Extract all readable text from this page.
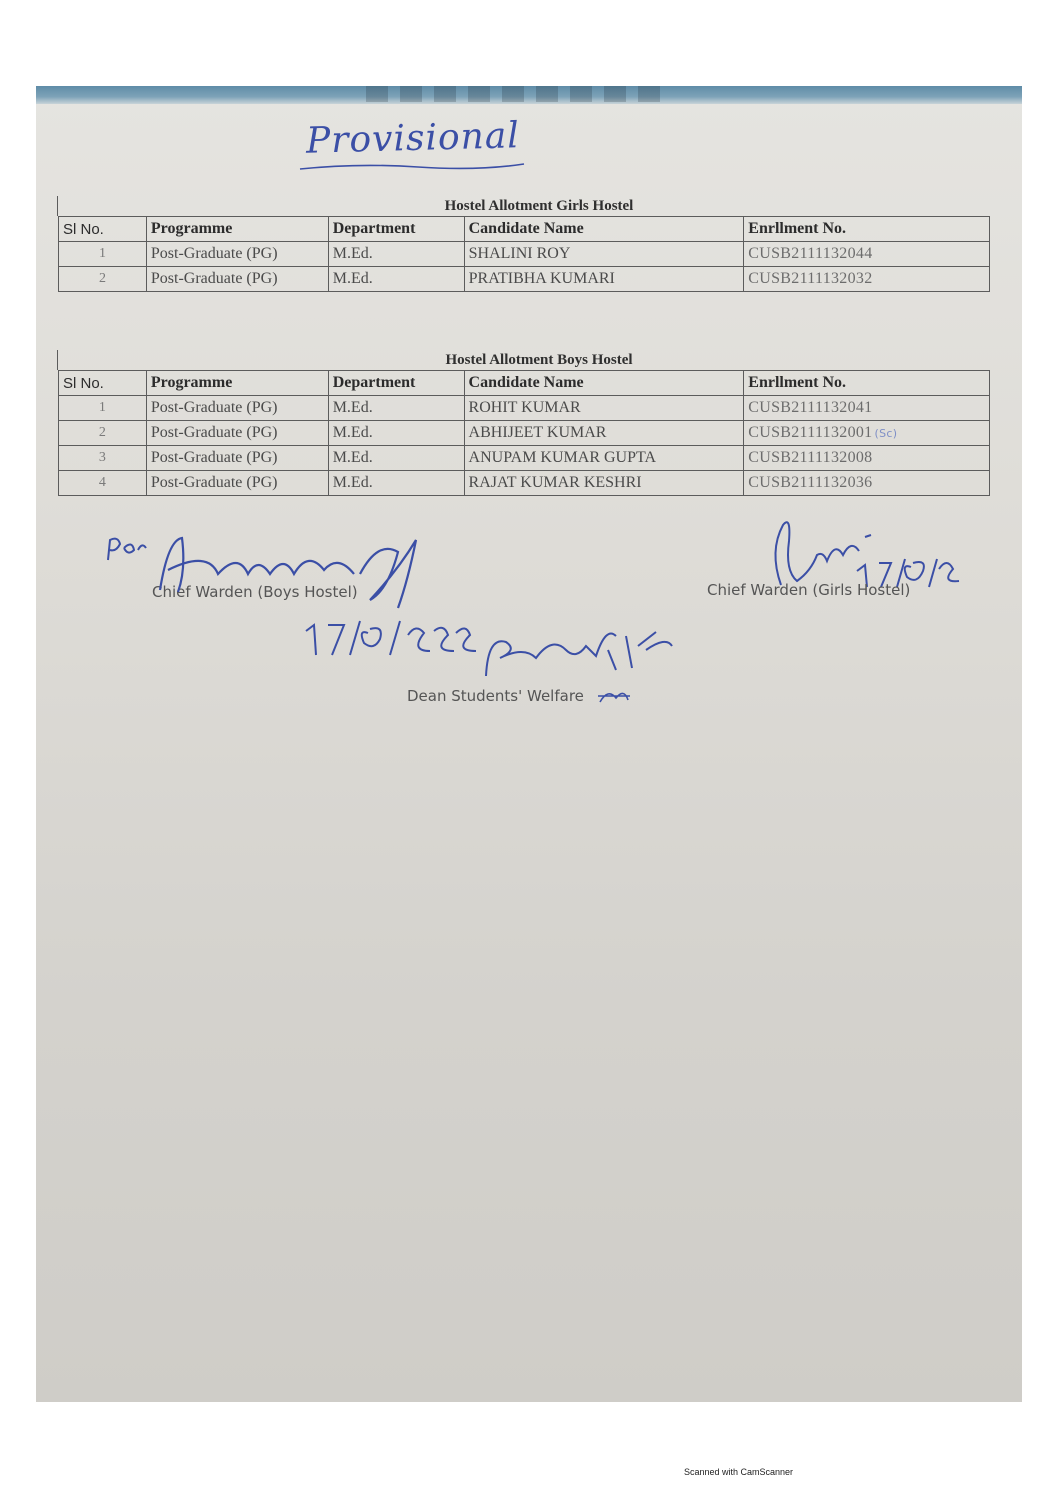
Provisional
Hostel Allotment Girls Hostel
Sl No.	Programme	Department	Candidate Name	Enrllment No.
1	Post-Graduate (PG)	M.Ed.	SHALINI ROY	CUSB2111132044
2	Post-Graduate (PG)	M.Ed.	PRATIBHA KUMARI	CUSB2111132032
Hostel Allotment Boys Hostel
Sl No.	Programme	Department	Candidate Name	Enrllment No.
1	Post-Graduate (PG)	M.Ed.	ROHIT KUMAR	CUSB2111132041
2	Post-Graduate (PG)	M.Ed.	ABHIJEET KUMAR	CUSB2111132001 (Sc)
3	Post-Graduate (PG)	M.Ed.	ANUPAM KUMAR GUPTA	CUSB2111132008
4	Post-Graduate (PG)	M.Ed.	RAJAT KUMAR KESHRI	CUSB2111132036
Chief Warden (Boys Hostel)
Dean Students' Welfare
Chief Warden (Girls Hostel)
Scanned with CamScanner
